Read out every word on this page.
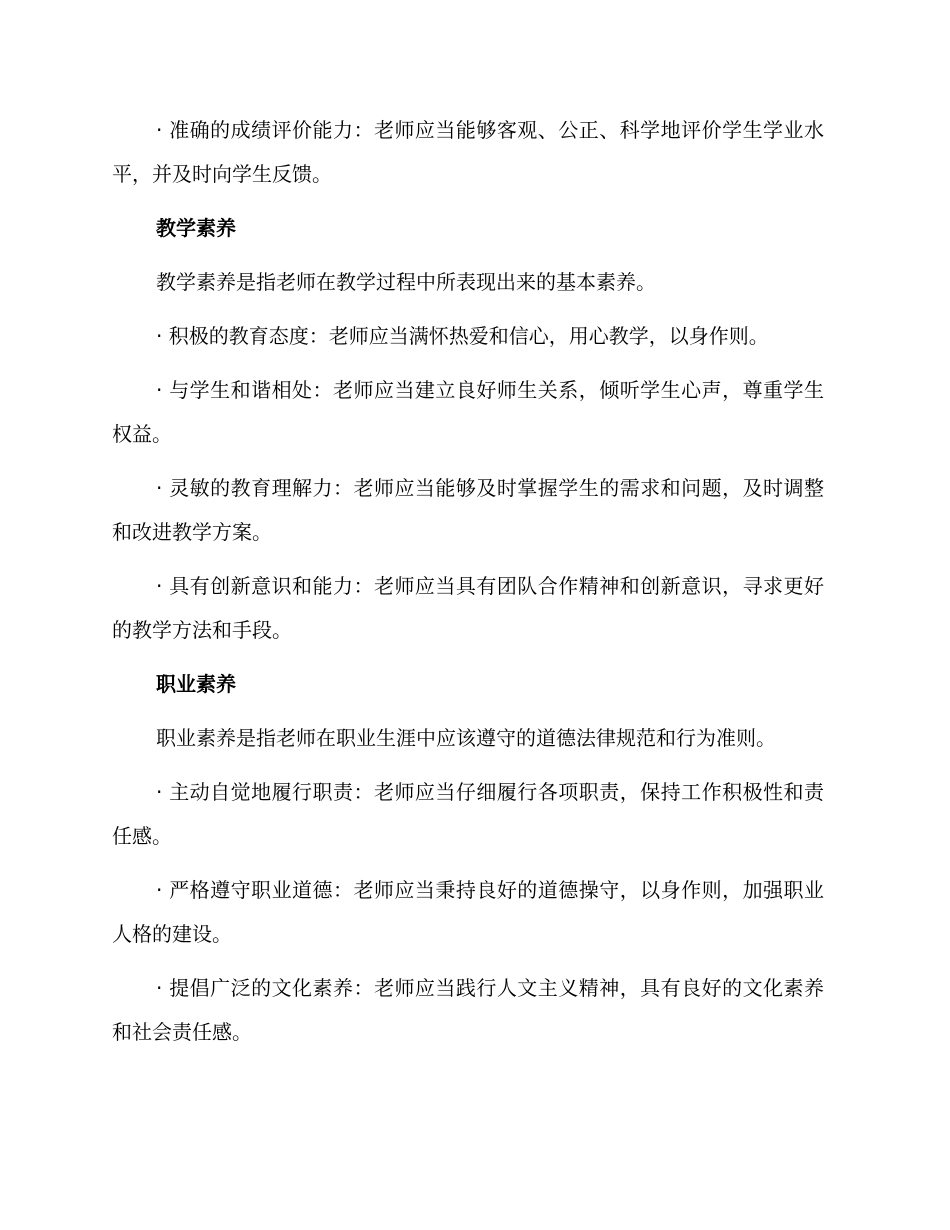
· 准确的成绩评价能力：老师应当能够客观、公正、科学地评价学生学业水平，并及时向学生反馈。

教学素养

教学素养是指老师在教学过程中所表现出来的基本素养。

· 积极的教育态度：老师应当满怀热爱和信心，用心教学，以身作则。

· 与学生和谐相处：老师应当建立良好师生关系，倾听学生心声，尊重学生权益。

· 灵敏的教育理解力：老师应当能够及时掌握学生的需求和问题，及时调整和改进教学方案。

· 具有创新意识和能力：老师应当具有团队合作精神和创新意识，寻求更好的教学方法和手段。

职业素养

职业素养是指老师在职业生涯中应该遵守的道德法律规范和行为准则。

· 主动自觉地履行职责：老师应当仔细履行各项职责，保持工作积极性和责任感。

· 严格遵守职业道德：老师应当秉持良好的道德操守，以身作则，加强职业人格的建设。

· 提倡广泛的文化素养：老师应当践行人文主义精神，具有良好的文化素养和社会责任感。
